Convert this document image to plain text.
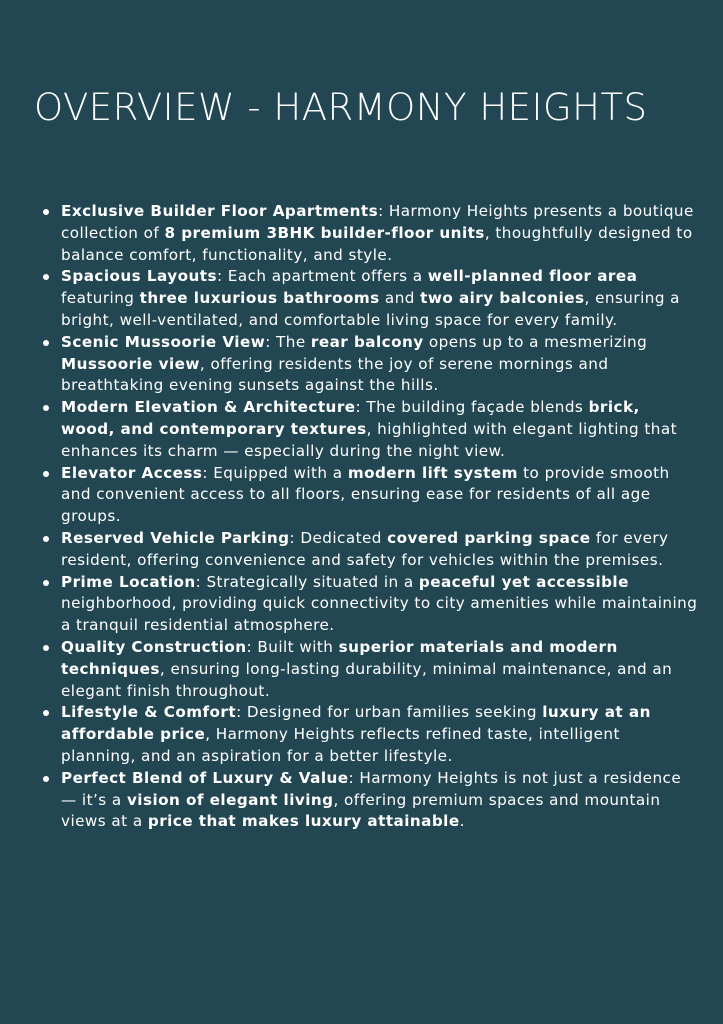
OVERVIEW - HARMONY HEIGHTS
Exclusive Builder Floor Apartments: Harmony Heights presents a boutique collection of 8 premium 3BHK builder-floor units, thoughtfully designed to balance comfort, functionality, and style.
Spacious Layouts: Each apartment offers a well-planned floor area featuring three luxurious bathrooms and two airy balconies, ensuring a bright, well-ventilated, and comfortable living space for every family.
Scenic Mussoorie View: The rear balcony opens up to a mesmerizing Mussoorie view, offering residents the joy of serene mornings and breathtaking evening sunsets against the hills.
Modern Elevation & Architecture: The building façade blends brick, wood, and contemporary textures, highlighted with elegant lighting that enhances its charm — especially during the night view.
Elevator Access: Equipped with a modern lift system to provide smooth and convenient access to all floors, ensuring ease for residents of all age groups.
Reserved Vehicle Parking: Dedicated covered parking space for every resident, offering convenience and safety for vehicles within the premises.
Prime Location: Strategically situated in a peaceful yet accessible neighborhood, providing quick connectivity to city amenities while maintaining a tranquil residential atmosphere.
Quality Construction: Built with superior materials and modern techniques, ensuring long-lasting durability, minimal maintenance, and an elegant finish throughout.
Lifestyle & Comfort: Designed for urban families seeking luxury at an affordable price, Harmony Heights reflects refined taste, intelligent planning, and an aspiration for a better lifestyle.
Perfect Blend of Luxury & Value: Harmony Heights is not just a residence — it’s a vision of elegant living, offering premium spaces and mountain views at a price that makes luxury attainable.
